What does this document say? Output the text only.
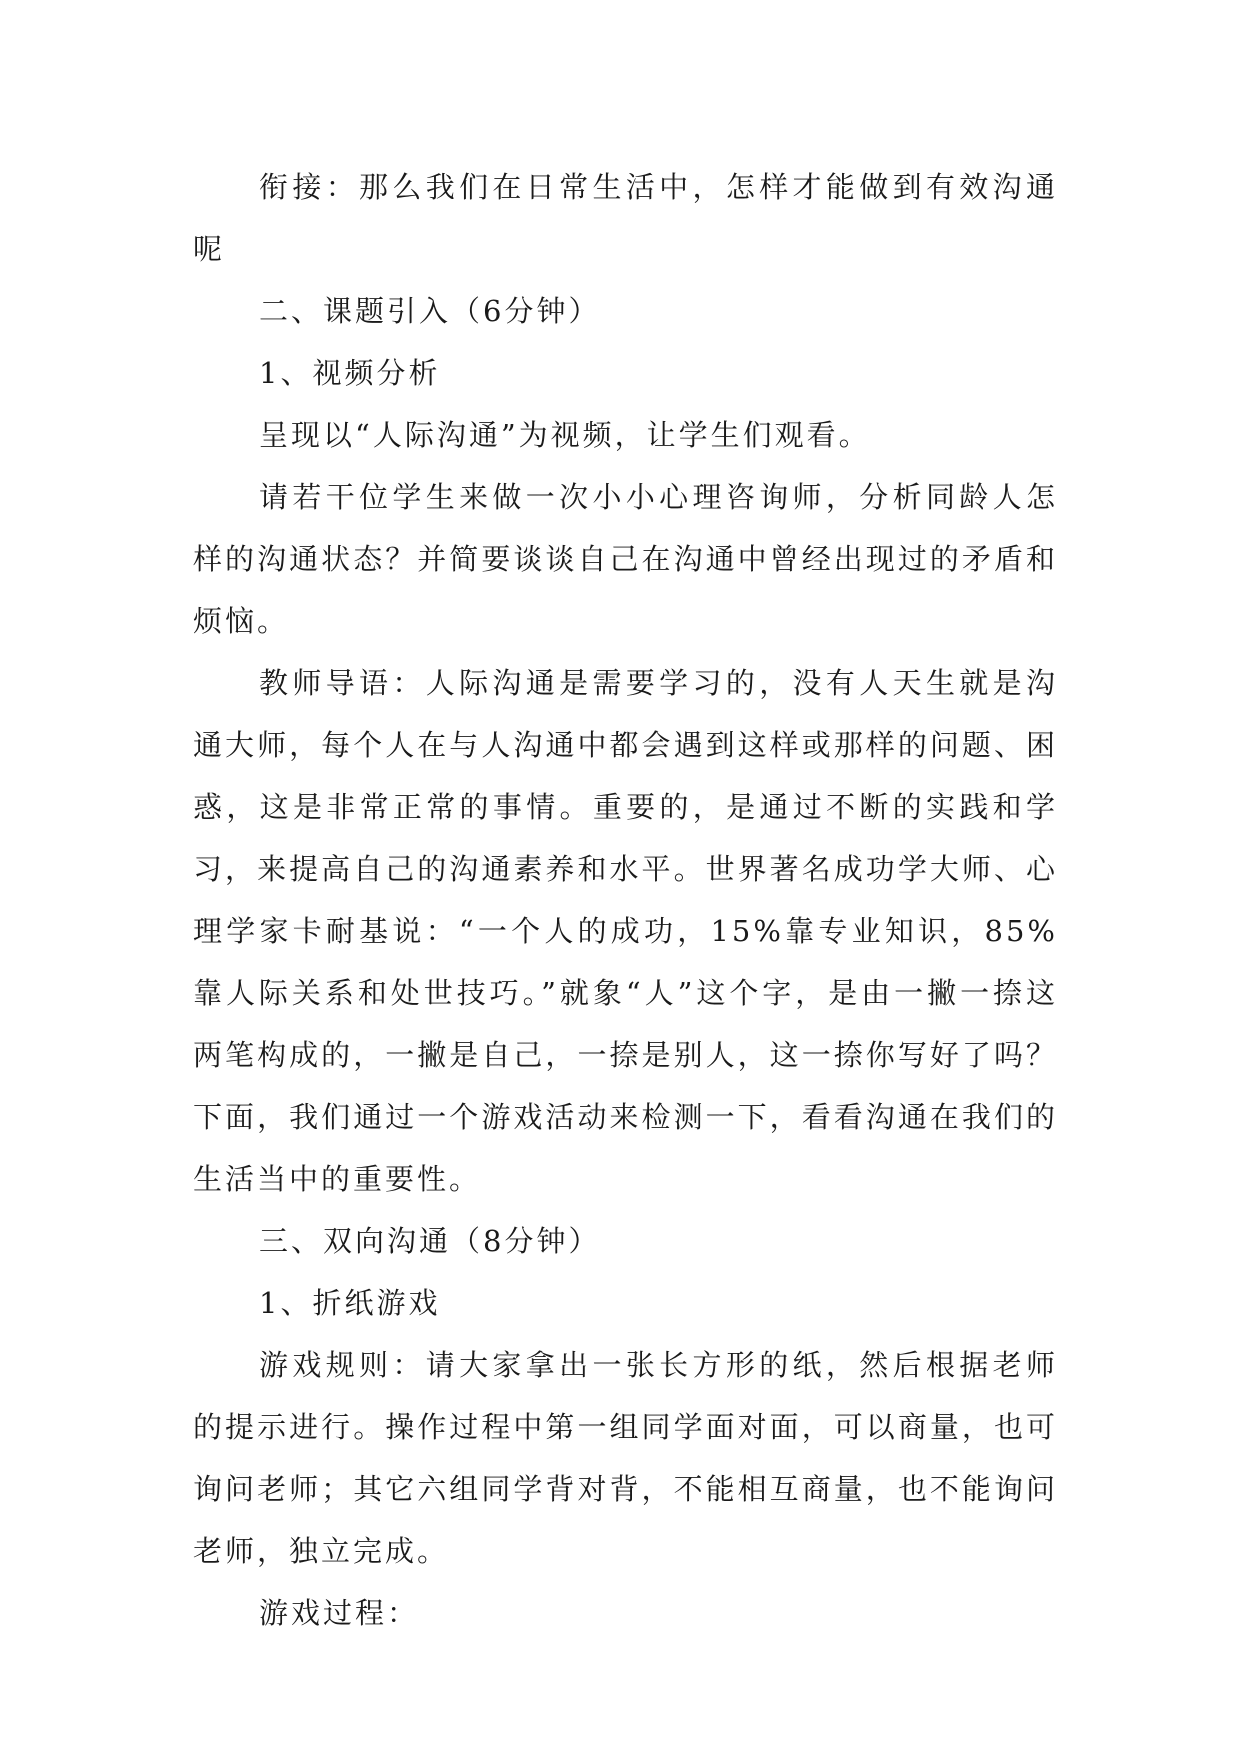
衔接：那么我们在日常生活中，怎样才能做到有效沟通呢

二、课题引入（6分钟）

1、视频分析

呈现以“人际沟通”为视频，让学生们观看。

请若干位学生来做一次小小心理咨询师，分析同龄人怎样的沟通状态？并简要谈谈自己在沟通中曾经出现过的矛盾和烦恼。

教师导语：人际沟通是需要学习的，没有人天生就是沟通大师，每个人在与人沟通中都会遇到这样或那样的问题、困惑，这是非常正常的事情。重要的，是通过不断的实践和学习，来提高自己的沟通素养和水平。世界著名成功学大师、心理学家卡耐基说：“一个人的成功，15%靠专业知识，85%靠人际关系和处世技巧。”就象“人”这个字，是由一撇一捺这两笔构成的，一撇是自己，一捺是别人，这一捺你写好了吗？下面，我们通过一个游戏活动来检测一下，看看沟通在我们的生活当中的重要性。

三、双向沟通（8分钟）

1、折纸游戏

游戏规则：请大家拿出一张长方形的纸，然后根据老师的提示进行。操作过程中第一组同学面对面，可以商量，也可询问老师；其它六组同学背对背，不能相互商量，也不能询问老师，独立完成。

游戏过程：
